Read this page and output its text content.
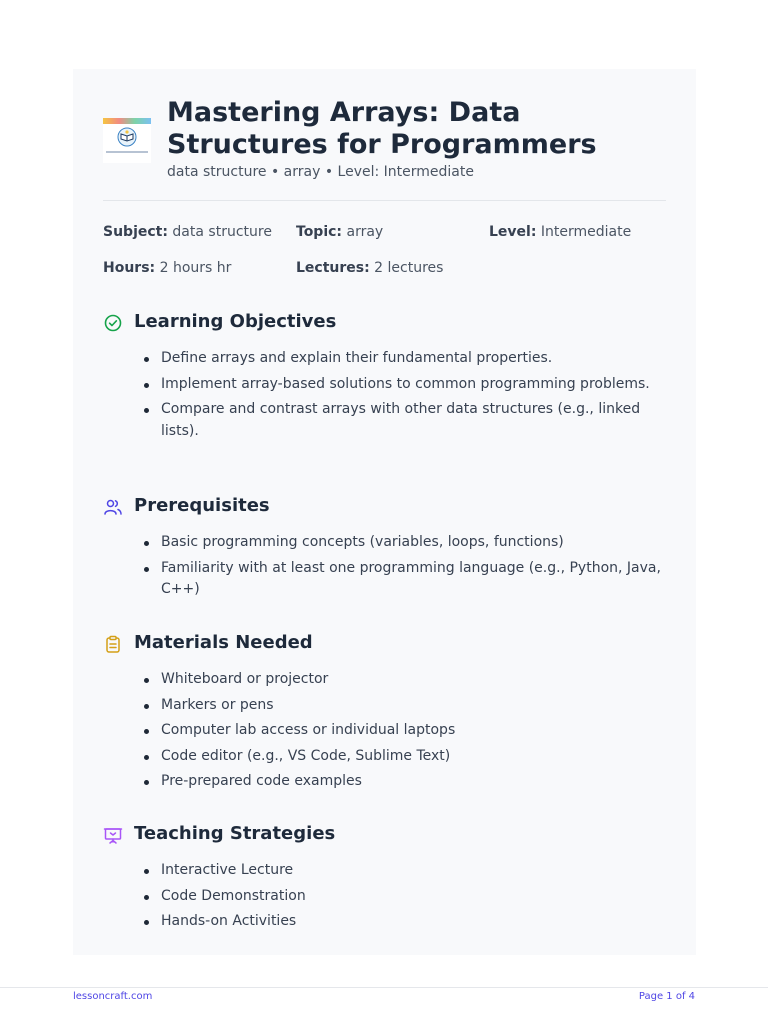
Mastering Arrays: Data Structures for Programmers
data structure • array • Level: Intermediate
Subject: data structure Topic: array	Level: Intermediate
Hours: 2 hours hr	Lectures: 2 lectures
Learning Objectives
Define arrays and explain their fundamental properties.
Implement array-based solutions to common programming problems.
Compare and contrast arrays with other data structures (e.g., linked lists).
Prerequisites
Basic programming concepts (variables, loops, functions)
Familiarity with at least one programming language (e.g., Python, Java, C++)
Materials Needed
Whiteboard or projector
Markers or pens
Computer lab access or individual laptops
Code editor (e.g., VS Code, Sublime Text)
Pre-prepared code examples
Teaching Strategies
Interactive Lecture
Code Demonstration
Hands-on Activities
lessoncraft.com	Page 1 of 4
